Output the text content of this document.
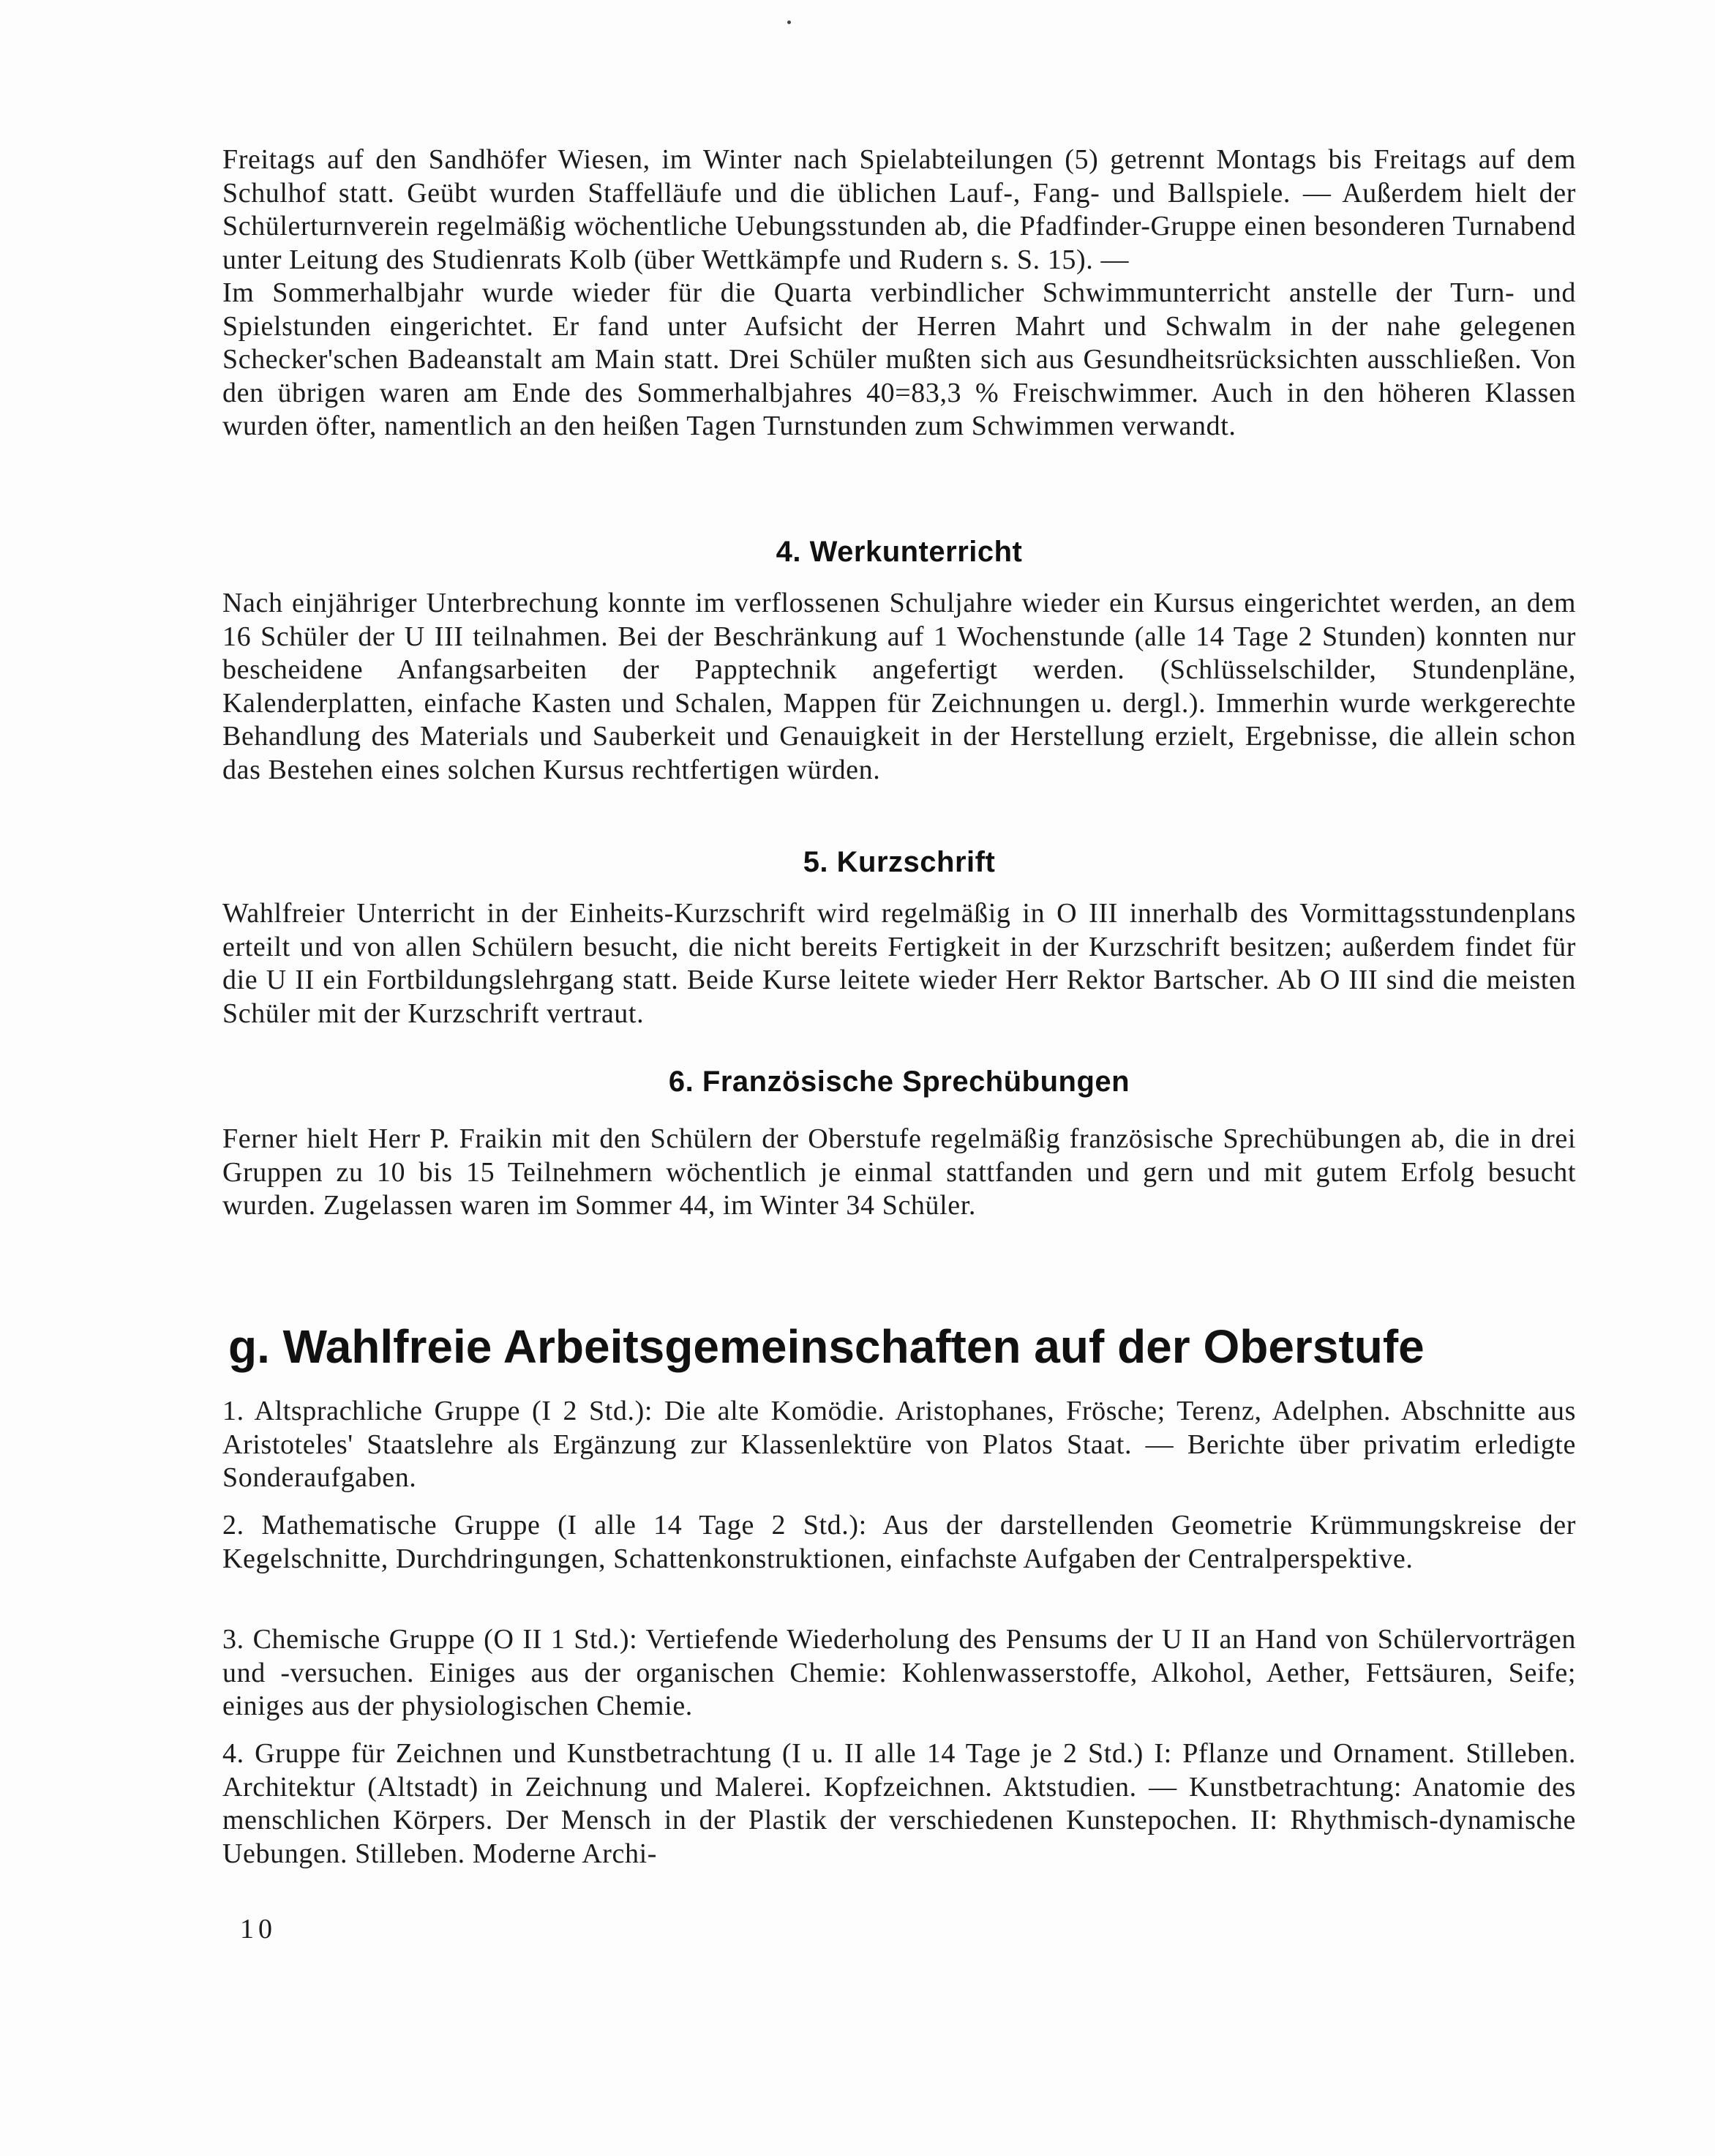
Freitags auf den Sandhöfer Wiesen, im Winter nach Spielabteilungen (5) getrennt Montags bis Freitags auf dem Schulhof statt. Geübt wurden Staffelläufe und die üblichen Lauf-, Fang- und Ballspiele. — Außerdem hielt der Schülerturnverein regelmäßig wöchentliche Uebungsstunden ab, die Pfadfinder-Gruppe einen besonderen Turnabend unter Leitung des Studienrats Kolb (über Wettkämpfe und Rudern s. S. 15). —

Im Sommerhalbjahr wurde wieder für die Quarta verbindlicher Schwimmunterricht anstelle der Turn- und Spielstunden eingerichtet. Er fand unter Aufsicht der Herren Mahrt und Schwalm in der nahe gelegenen Schecker'schen Badeanstalt am Main statt. Drei Schüler mußten sich aus Gesundheitsrücksichten ausschließen. Von den übrigen waren am Ende des Sommerhalbjahres 40=83,3 % Freischwimmer. Auch in den höheren Klassen wurden öfter, namentlich an den heißen Tagen Turnstunden zum Schwimmen verwandt.

4. Werkunterricht

Nach einjähriger Unterbrechung konnte im verflossenen Schuljahre wieder ein Kursus eingerichtet werden, an dem 16 Schüler der U III teilnahmen. Bei der Beschränkung auf 1 Wochenstunde (alle 14 Tage 2 Stunden) konnten nur bescheidene Anfangsarbeiten der Papptechnik angefertigt werden. (Schlüsselschilder, Stundenpläne, Kalenderplatten, einfache Kasten und Schalen, Mappen für Zeichnungen u. dergl.). Immerhin wurde werkgerechte Behandlung des Materials und Sauberkeit und Genauigkeit in der Herstellung erzielt, Ergebnisse, die allein schon das Bestehen eines solchen Kursus rechtfertigen würden.

5. Kurzschrift

Wahlfreier Unterricht in der Einheits-Kurzschrift wird regelmäßig in O III innerhalb des Vormittagsstundenplans erteilt und von allen Schülern besucht, die nicht bereits Fertigkeit in der Kurzschrift besitzen; außerdem findet für die U II ein Fortbildungslehrgang statt. Beide Kurse leitete wieder Herr Rektor Bartscher. Ab O III sind die meisten Schüler mit der Kurzschrift vertraut.

6. Französische Sprechübungen

Ferner hielt Herr P. Fraikin mit den Schülern der Oberstufe regelmäßig französische Sprechübungen ab, die in drei Gruppen zu 10 bis 15 Teilnehmern wöchentlich je einmal stattfanden und gern und mit gutem Erfolg besucht wurden. Zugelassen waren im Sommer 44, im Winter 34 Schüler.

g. Wahlfreie Arbeitsgemeinschaften auf der Oberstufe

1. Altsprachliche Gruppe (I 2 Std.): Die alte Komödie. Aristophanes, Frösche; Terenz, Adelphen. Abschnitte aus Aristoteles' Staatslehre als Ergänzung zur Klassenlektüre von Platos Staat. — Berichte über privatim erledigte Sonderaufgaben.

2. Mathematische Gruppe (I alle 14 Tage 2 Std.): Aus der darstellenden Geometrie Krümmungskreise der Kegelschnitte, Durchdringungen, Schattenkonstruktionen, einfachste Aufgaben der Centralperspektive.

3. Chemische Gruppe (O II 1 Std.): Vertiefende Wiederholung des Pensums der U II an Hand von Schülervorträgen und -versuchen. Einiges aus der organischen Chemie: Kohlenwasserstoffe, Alkohol, Aether, Fettsäuren, Seife; einiges aus der physiologischen Chemie.

4. Gruppe für Zeichnen und Kunstbetrachtung (I u. II alle 14 Tage je 2 Std.) I: Pflanze und Ornament. Stilleben. Architektur (Altstadt) in Zeichnung und Malerei. Kopfzeichnen. Aktstudien. — Kunstbetrachtung: Anatomie des menschlichen Körpers. Der Mensch in der Plastik der verschiedenen Kunstepochen. II: Rhythmisch-dynamische Uebungen. Stilleben. Moderne Archi-

10
